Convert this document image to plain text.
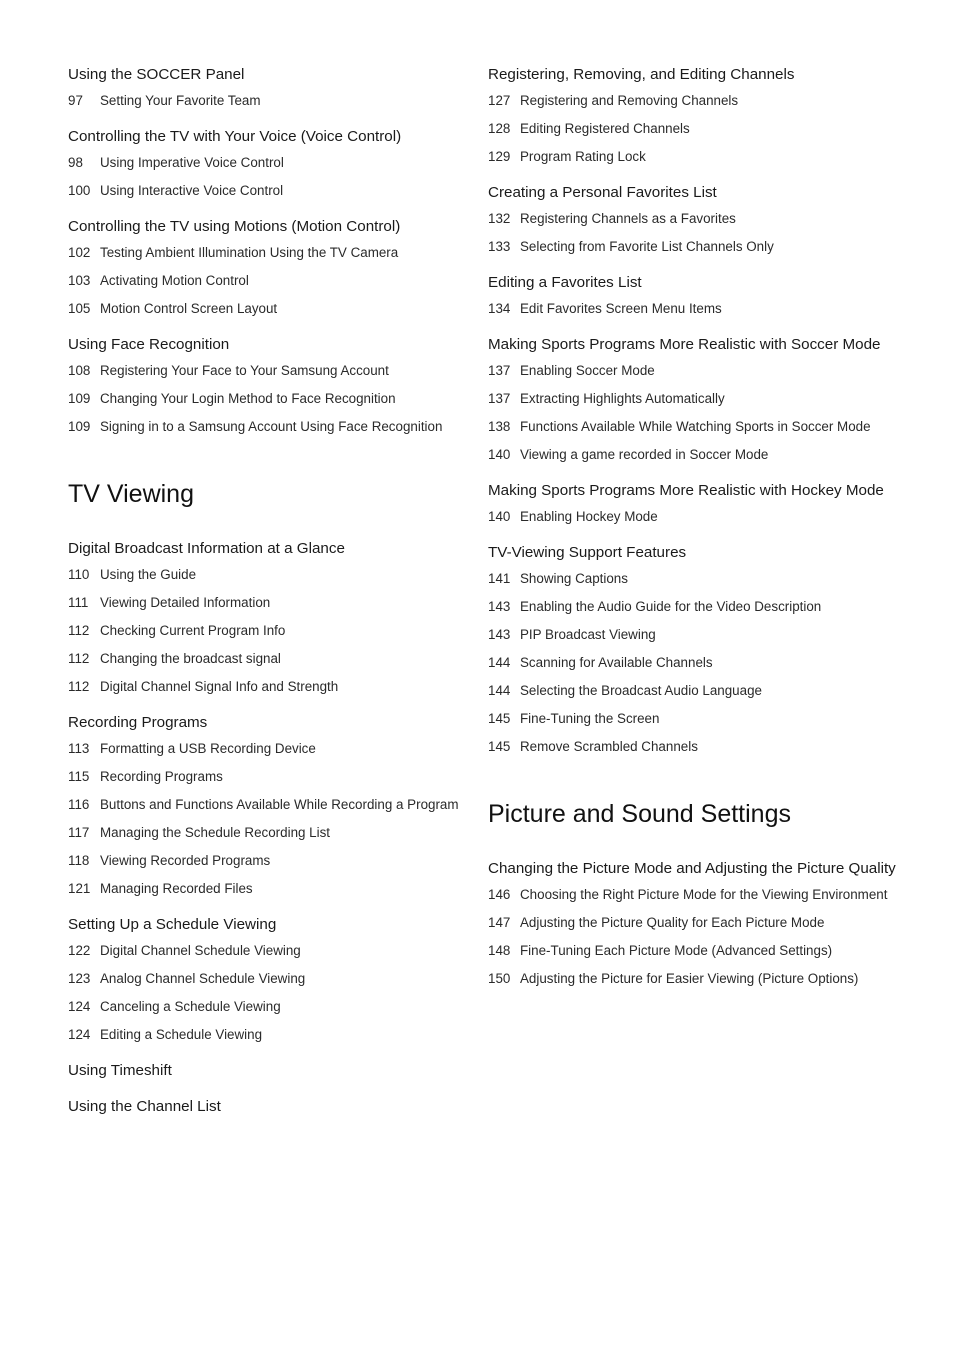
Using the SOCCER Panel
97	Setting Your Favorite Team
Controlling the TV with Your Voice (Voice Control)
98	Using Imperative Voice Control
100 Using Interactive Voice Control
Controlling the TV using Motions (Motion Control)
102 Testing Ambient Illumination Using the TV Camera
103 Activating Motion Control
105 Motion Control Screen Layout
Using Face Recognition
108 Registering Your Face to Your Samsung Account
109 Changing Your Login Method to Face Recognition
109 Signing in to a Samsung Account Using Face Recognition
TV Viewing
Digital Broadcast Information at a Glance
110 Using the Guide
111 Viewing Detailed Information
112 Checking Current Program Info
112 Changing the broadcast signal
112 Digital Channel Signal Info and Strength
Recording Programs
113 Formatting a USB Recording Device
115 Recording Programs
116 Buttons and Functions Available While Recording a Program
117 Managing the Schedule Recording List
118 Viewing Recorded Programs
121 Managing Recorded Files
Setting Up a Schedule Viewing
122 Digital Channel Schedule Viewing
123 Analog Channel Schedule Viewing
124 Canceling a Schedule Viewing
124 Editing a Schedule Viewing
Using Timeshift
Using the Channel List
Registering, Removing, and Editing Channels
127 Registering and Removing Channels
128 Editing Registered Channels
129 Program Rating Lock
Creating a Personal Favorites List
132 Registering Channels as a Favorites
133 Selecting from Favorite List Channels Only
Editing a Favorites List
134 Edit Favorites Screen Menu Items
Making Sports Programs More Realistic with Soccer Mode
137 Enabling Soccer Mode
137 Extracting Highlights Automatically
138 Functions Available While Watching Sports in Soccer Mode
140 Viewing a game recorded in Soccer Mode
Making Sports Programs More Realistic with Hockey Mode
140 Enabling Hockey Mode
TV-Viewing Support Features
141 Showing Captions
143 Enabling the Audio Guide for the Video Description
143 PIP Broadcast Viewing
144 Scanning for Available Channels
144 Selecting the Broadcast Audio Language
145 Fine-Tuning the Screen
145 Remove Scrambled Channels
Picture and Sound Settings
Changing the Picture Mode and Adjusting the Picture Quality
146 Choosing the Right Picture Mode for the Viewing Environment
147 Adjusting the Picture Quality for Each Picture Mode
148 Fine-Tuning Each Picture Mode (Advanced Settings)
150 Adjusting the Picture for Easier Viewing (Picture Options)
